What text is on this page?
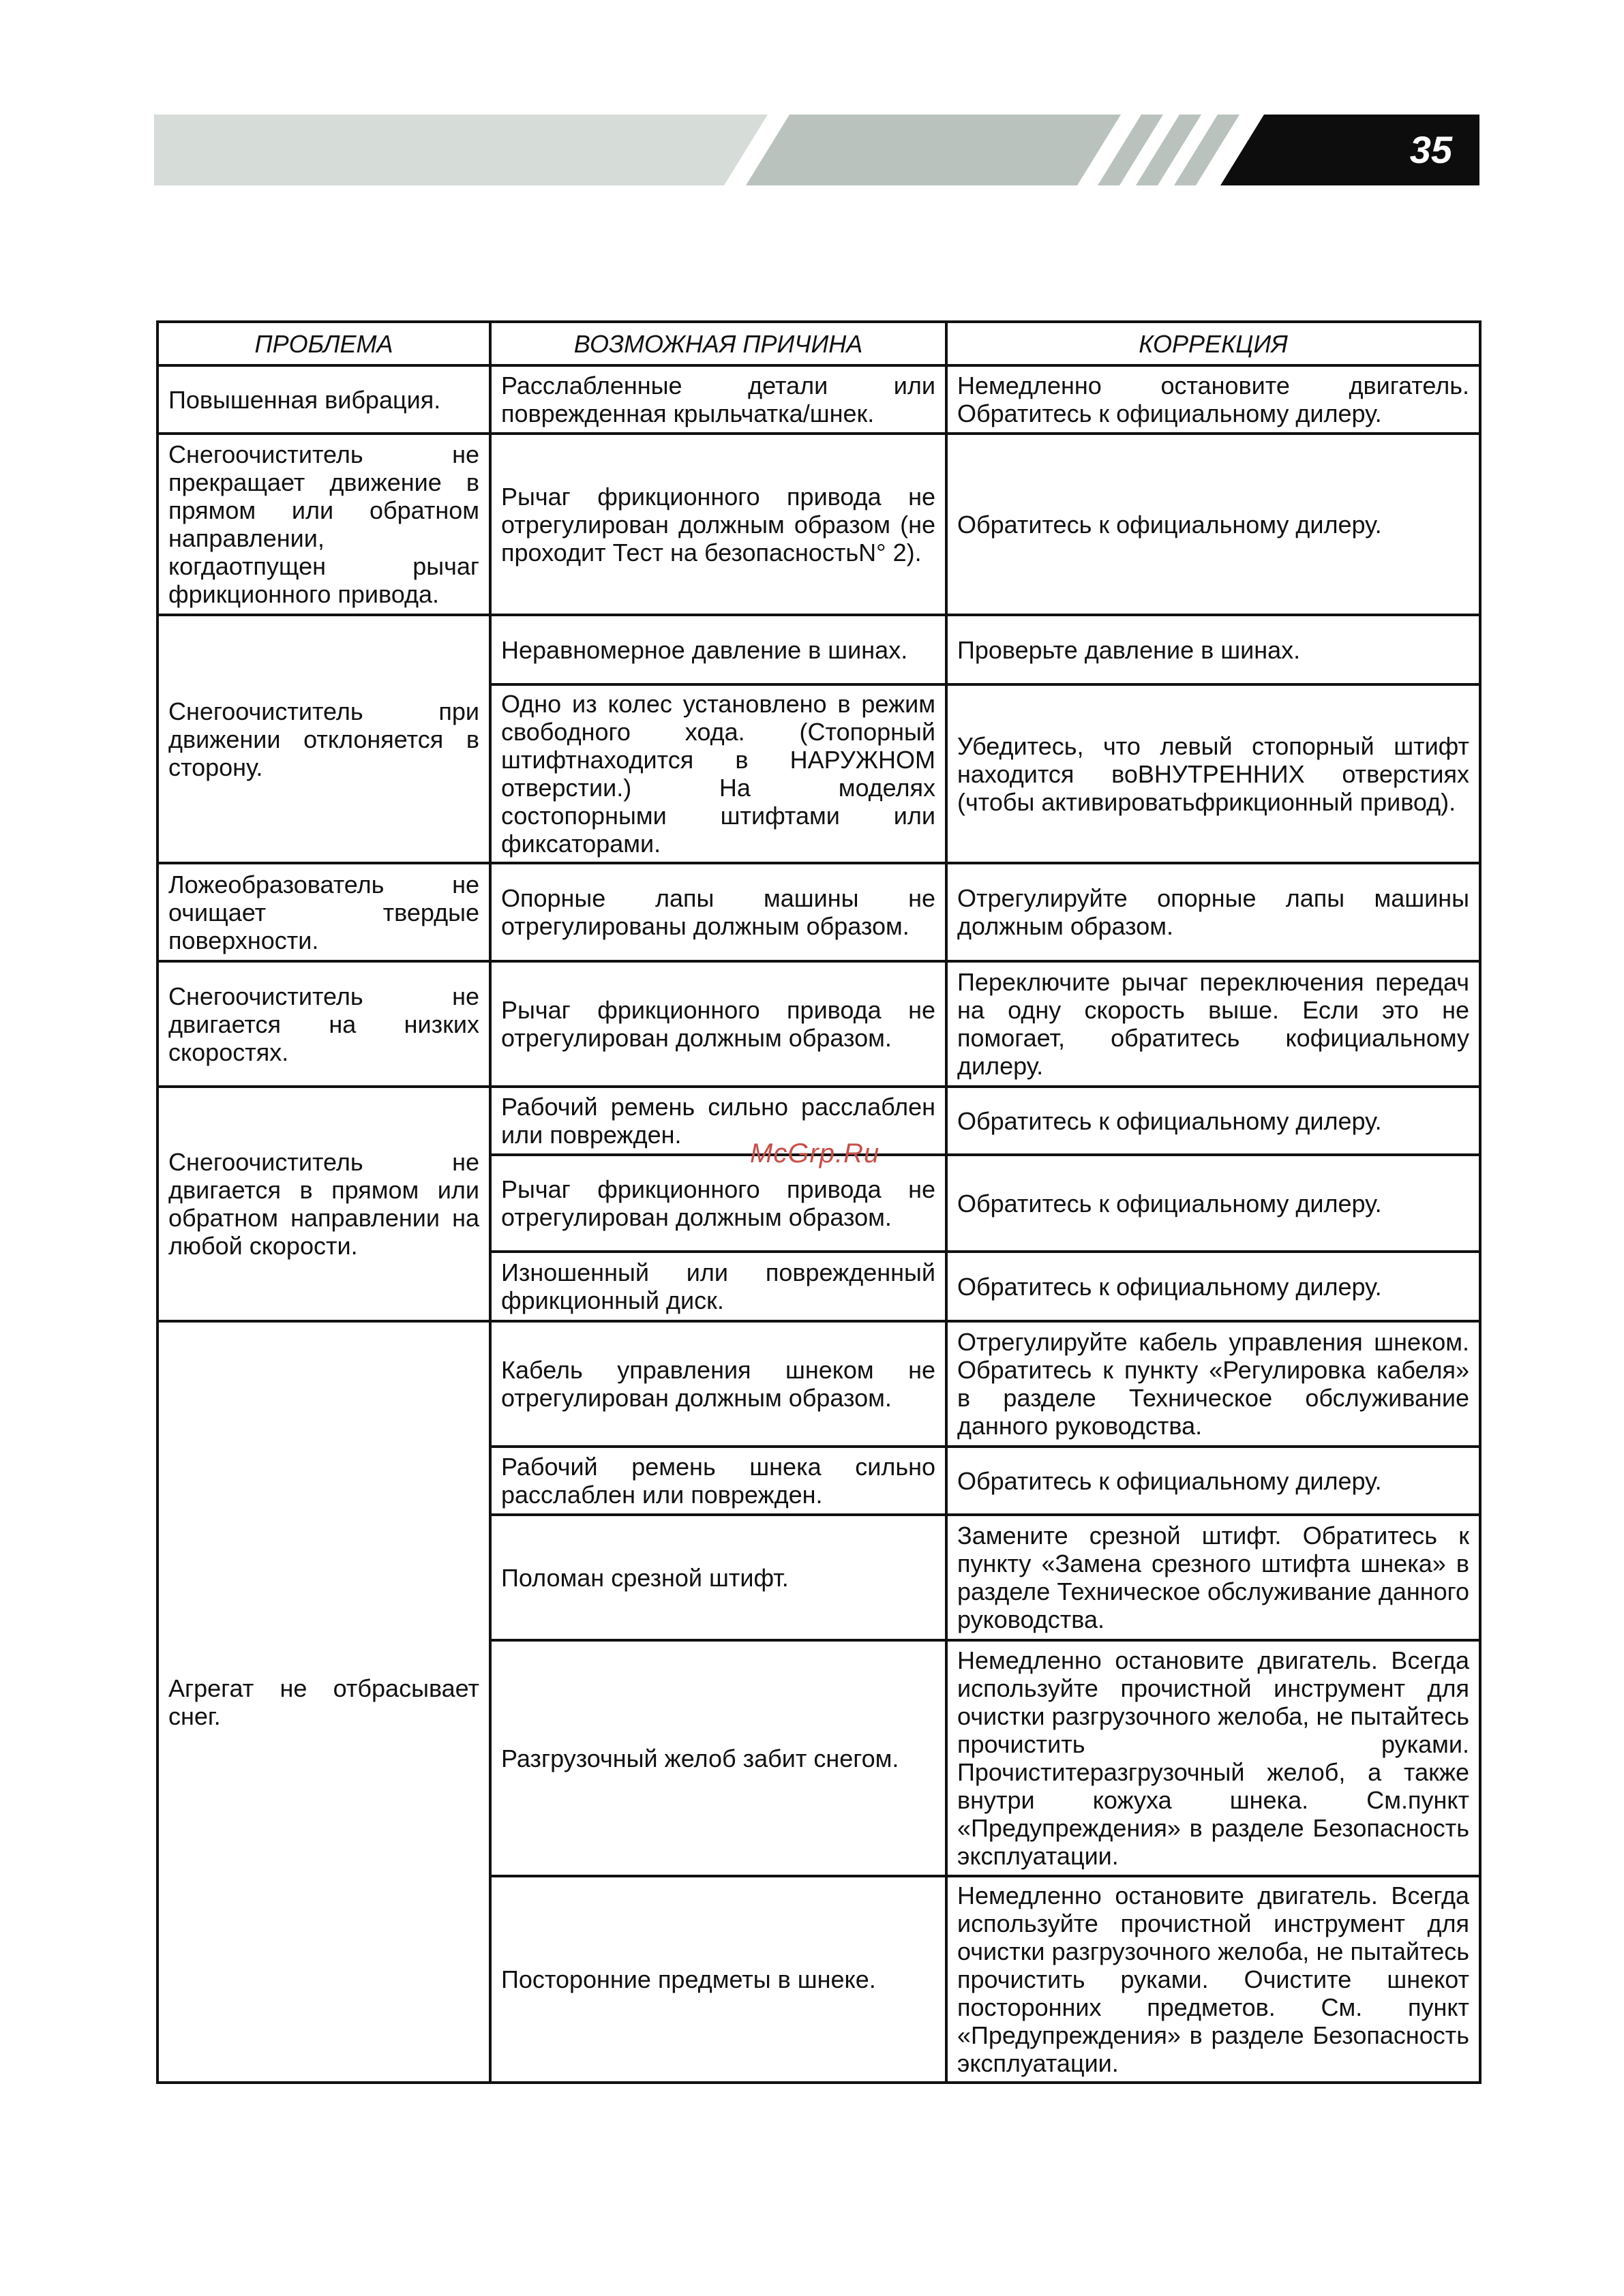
35
ПРОБЛЕМА	ВОЗМОЖНАЯ ПРИЧИНА	КОРРЕКЦИЯ
Повышенная вибрация.	Расслабленные детали или поврежденная крыльчатка/шнек.	Немедленно остановите двигатель. Обратитесь к официальному дилеру.
Снегоочиститель не прекращает движение в прямом или обратном направлении, когдаотпущен рычаг фрикционного привода.	Рычаг фрикционного привода не отрегулирован должным образом (не проходит Тест на безопасностьN° 2).	Обратитесь к официальному дилеру.
Снегоочиститель при движении отклоняется в сторону.	Неравномерное давление в шинах.	Проверьте давление в шинах.
	Одно из колес установлено в режим свободного хода. (Стопорный штифтнаходится в НАРУЖНОМ отверстии.) На моделях состопорными штифтами или фиксаторами.	Убедитесь, что левый стопорный штифт находится воВНУТРЕННИХ отверстиях (чтобы активироватьфрикционный привод).
Ложеобразователь не очищает твердые поверхности.	Опорные лапы машины не отрегулированы должным образом.	Отрегулируйте опорные лапы машины должным образом.
Снегоочиститель не двигается на низких скоростях.	Рычаг фрикционного привода не отрегулирован должным образом.	Переключите рычаг переключения передач на одну скорость выше. Если это не помогает, обратитесь кофициальному дилеру.
Снегоочиститель не двигается в прямом или обратном направлении на любой скорости.	Рабочий ремень сильно расслаблен или поврежден.	Обратитесь к официальному дилеру.
	Рычаг фрикционного привода не отрегулирован должным образом.	Обратитесь к официальному дилеру.
	Изношенный или поврежденный фрикционный диск.	Обратитесь к официальному дилеру.
Агрегат не отбрасывает снег.	Кабель управления шнеком не отрегулирован должным образом.	Отрегулируйте кабель управления шнеком. Обратитесь к пункту «Регулировка кабеля» в разделе Техническое обслуживание данного руководства.
	Рабочий ремень шнека сильно расслаблен или поврежден.	Обратитесь к официальному дилеру.
	Поломан срезной штифт.	Замените срезной штифт. Обратитесь к пункту «Замена срезного штифта шнека» в разделе Техническое обслуживание данного руководства.
	Разгрузочный желоб забит снегом.	Немедленно остановите двигатель. Всегда используйте прочистной инструмент для очистки разгрузочного желоба, не пытайтесь прочистить руками. Прочиститеразгрузочный желоб, а также внутри кожуха шнека. См.пункт «Предупреждения» в разделе Безопасность эксплуатации.
	Посторонние предметы в шнеке.	Немедленно остановите двигатель. Всегда используйте прочистной инструмент для очистки разгрузочного желоба, не пытайтесь прочистить руками. Очистите шнекот посторонних предметов. См. пункт «Предупреждения» в разделе Безопасность эксплуатации.
McGrp.Ru
